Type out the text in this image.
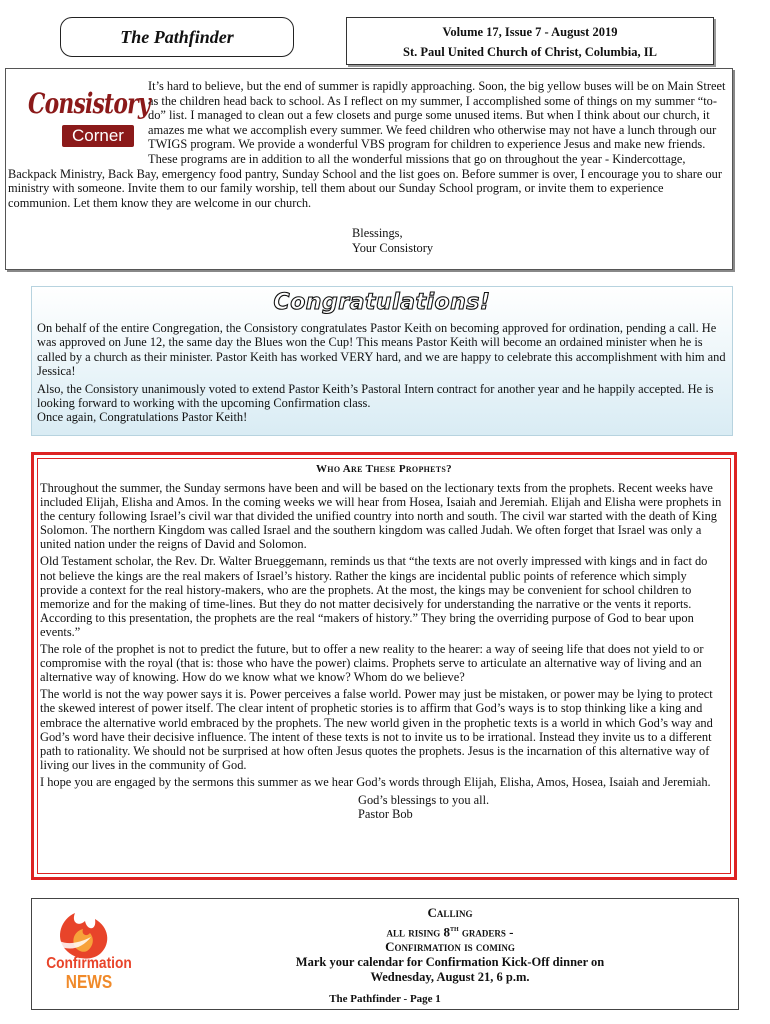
The Pathfinder	Volume 17, Issue 7 - August 2019
St. Paul United Church of Christ, Columbia, IL

It’s hard to believe, but the end of summer is rapidly approaching. Soon, the big yellow buses will be on Main Street as the children head back to school. As I reflect on my summer, I accomplished some of things on my summer “to-do” list. I managed to clean out a few closets and purge some unused items. But when I think about our church, it amazes me what we accomplish every summer. We feed children who otherwise may not have a lunch through our TWIGS program. We provide a wonderful VBS program for children to experience Jesus and make new friends. These programs are in addition to all the wonderful missions that go on throughout the year - Kindercottage, Backpack Ministry, Back Bay, emergency food pantry, Sunday School and the list goes on. Before summer is over, I encourage you to share our ministry with someone. Invite them to our family worship, tell them about our Sunday School program, or invite them to experience communion. Let them know they are welcome in our church.

Consistory
Corner
Blessings,
Your Consistory
Congratulations!

On behalf of the entire Congregation, the Consistory congratulates Pastor Keith on becoming approved for ordination, pending a call. He was approved on June 12, the same day the Blues won the Cup! This means Pastor Keith will become an ordained minister when he is called by a church as their minister. Pastor Keith has worked VERY hard, and we are happy to celebrate this accomplishment with him and Jessica!

Also, the Consistory unanimously voted to extend Pastor Keith’s Pastoral Intern contract for another year and he happily accepted. He is looking forward to working with the upcoming Confirmation class.

Once again, Congratulations Pastor Keith!

Who Are These Prophets?

Throughout the summer, the Sunday sermons have been and will be based on the lectionary texts from the prophets. Recent weeks have included Elijah, Elisha and Amos. In the coming weeks we will hear from Hosea, Isaiah and Jeremiah. Elijah and Elisha were prophets in the century following Israel’s civil war that divided the unified country into north and south. The civil war started with the death of King Solomon. The northern Kingdom was called Israel and the southern kingdom was called Judah. We often forget that Israel was only a united nation under the reigns of David and Solomon.

Old Testament scholar, the Rev. Dr. Walter Brueggemann, reminds us that “the texts are not overly impressed with kings and in fact do not believe the kings are the real makers of Israel’s history. Rather the kings are incidental public points of reference which simply provide a context for the real history-makers, who are the prophets. At the most, the kings may be convenient for school children to memorize and for the making of time-lines. But they do not matter decisively for understanding the narrative or the vents it reports. According to this presentation, the prophets are the real “makers of history.” They bring the overriding purpose of God to bear upon events.”

The role of the prophet is not to predict the future, but to offer a new reality to the hearer: a way of seeing life that does not yield to or compromise with the royal (that is: those who have the power) claims. Prophets serve to articulate an alternative way of living and an alternative way of knowing. How do we know what we know? Whom do we believe?

The world is not the way power says it is. Power perceives a false world. Power may just be mistaken, or power may be lying to protect the skewed interest of power itself. The clear intent of prophetic stories is to affirm that God’s ways is to stop thinking like a king and embrace the alternative world embraced by the prophets. The new world given in the prophetic texts is a world in which God’s way and God’s word have their decisive influence. The intent of these texts is not to invite us to be irrational. Instead they invite us to a different path to rationality. We should not be surprised at how often Jesus quotes the prophets. Jesus is the incarnation of this alternative way of living our lives in the community of God.

I hope you are engaged by the sermons this summer as we hear God’s words through Elijah, Elisha, Amos, Hosea, Isaiah and Jeremiah.

God’s blessings to you all.
Pastor Bob
Confirmation
NEWS
Calling
all rising 8th graders -
Confirmation is coming
Mark your calendar for Confirmation Kick-Off dinner on
Wednesday, August 21, 6 p.m.
The Pathfinder - Page 1
